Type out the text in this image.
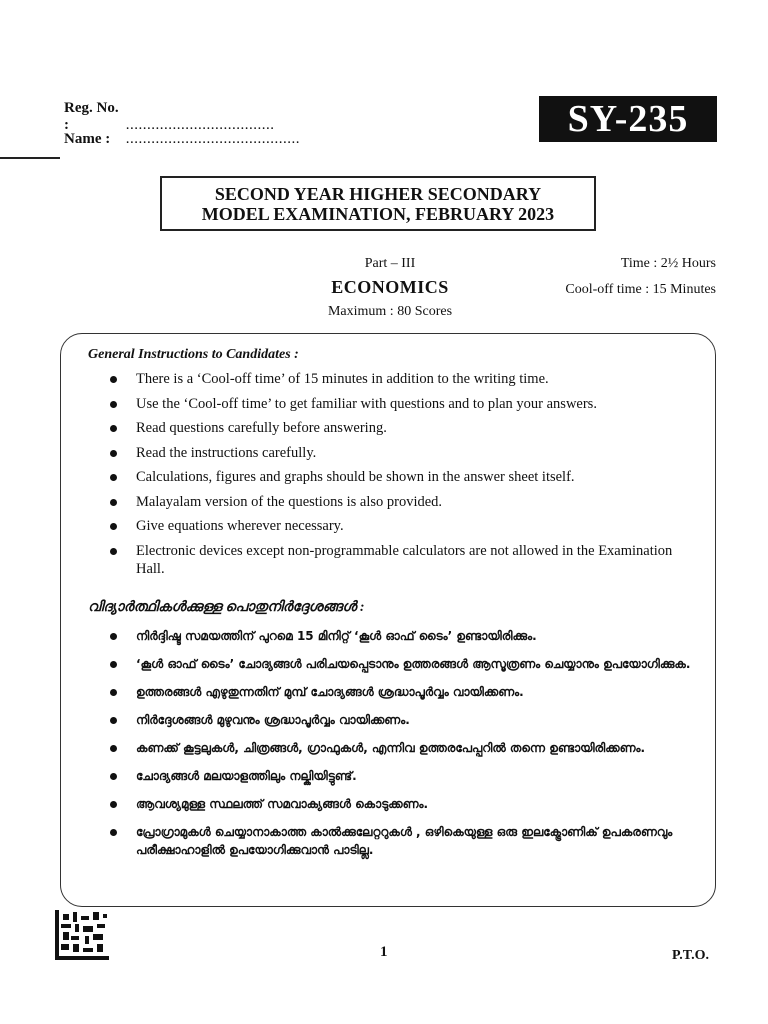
Reg. No. :	...................................
Name : .........................................	SY-235
SECOND YEAR HIGHER SECONDARY
MODEL EXAMINATION, FEBRUARY 2023
Part – III
ECONOMICS
Maximum : 80 Scores
Time : 2½ Hours
Cool-off time : 15 Minutes
General Instructions to Candidates :
There is a ‘Cool-off time’ of 15 minutes in addition to the writing time.
Use the ‘Cool-off time’ to get familiar with questions and to plan your answers.
Read questions carefully before answering.
Read the instructions carefully.
Calculations, figures and graphs should be shown in the answer sheet itself.
Malayalam version of the questions is also provided.
Give equations wherever necessary.
Electronic devices except non-programmable calculators are not allowed in the Examination Hall.
വിദ്യാർത്ഥികൾക്കുള്ള പൊതുനിർദ്ദേശങ്ങൾ :
നിർദ്ദിഷ്ട സമയത്തിന് പുറമെ 15 മിനിറ്റ് ‘കൂൾ ഓഫ് ടൈം’ ഉണ്ടായിരിക്കും.
‘കൂൾ ഓഫ് ടൈം’ ചോദ്യങ്ങൾ പരിചയപ്പെടാനും ഉത്തരങ്ങൾ ആസൂത്രണം ചെയ്യാനും ഉപയോഗിക്കുക.
ഉത്തരങ്ങൾ എഴുതുന്നതിന് മുമ്പ് ചോദ്യങ്ങൾ ശ്രദ്ധാപൂർവ്വം വായിക്കണം.
നിർദ്ദേശങ്ങൾ മുഴുവനും ശ്രദ്ധാപൂർവ്വം വായിക്കണം.
കണക്ക് കൂട്ടലുകൾ, ചിത്രങ്ങൾ, ഗ്രാഫുകൾ, എന്നിവ ഉത്തരപേപ്പറിൽ തന്നെ ഉണ്ടായിരിക്കണം.
ചോദ്യങ്ങൾ മലയാളത്തിലും നല്കിയിട്ടുണ്ട്.
ആവശ്യമുള്ള സ്ഥലത്ത് സമവാക്യങ്ങൾ കൊടുക്കണം.
പ്രോഗ്രാമുകൾ ചെയ്യാനാകാത്ത കാൽക്കുലേറ്ററുകൾ , ഒഴികെയുള്ള ഒരു ഇലക്ട്രോണിക് ഉപകരണവും പരീക്ഷാഹാളിൽ ഉപയോഗിക്കുവാൻ പാടില്ല.
1	P.T.O.
